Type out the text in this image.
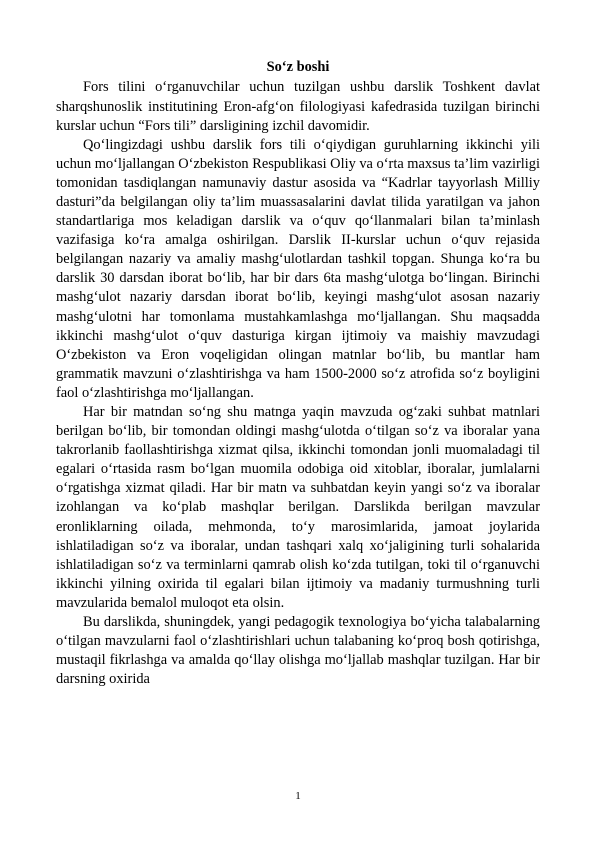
So‘z boshi

Fors tilini o‘rganuvchilar uchun tuzilgan ushbu darslik Toshkent davlat sharqshunoslik institutining Eron-afg‘on filologiyasi kafedrasida tuzilgan birinchi kurslar uchun “Fors tili” darsligining izchil davomidir.

Qo‘lingizdagi ushbu darslik fors tili o‘qiydigan guruhlarning ikkinchi yili uchun mo‘ljallangan O‘zbekiston Respublikasi Oliy va o‘rta maxsus ta’lim vazirligi tomonidan tasdiqlangan namunaviy dastur asosida va “Kadrlar tayyorlash Milliy dasturi”da belgilangan oliy ta’lim muassasalarini davlat tilida yaratilgan va jahon standartlariga mos keladigan darslik va o‘quv qo‘llanmalari bilan ta’minlash vazifasiga ko‘ra amalga oshirilgan. Darslik II-kurslar uchun o‘quv rejasida belgilangan nazariy va amaliy mashg‘ulotlardan tashkil topgan. Shunga ko‘ra bu darslik 30 darsdan iborat bo‘lib, har bir dars 6ta mashg‘ulotga bo‘lingan. Birinchi mashg‘ulot nazariy darsdan iborat bo‘lib, keyingi mashg‘ulot asosan nazariy mashg‘ulotni har tomonlama mustahkamlashga mo‘ljallangan. Shu maqsadda ikkinchi mashg‘ulot o‘quv dasturiga kirgan ijtimoiy va maishiy mavzudagi O‘zbekiston va Eron voqeligidan olingan matnlar bo‘lib, bu mantlar ham grammatik mavzuni o‘zlashtirishga va ham 1500-2000 so‘z atrofida so‘z boyligini faol o‘zlashtirishga mo‘ljallangan.

Har bir matndan so‘ng shu matnga yaqin mavzuda og‘zaki suhbat matnlari berilgan bo‘lib, bir tomondan oldingi mashg‘ulotda o‘tilgan so‘z va iboralar yana takrorlanib faollashtirishga xizmat qilsa, ikkinchi tomondan jonli muomaladagi til egalari o‘rtasida rasm bo‘lgan muomila odobiga oid xitoblar, iboralar, jumlalarni o‘rgatishga xizmat qiladi. Har bir matn va suhbatdan keyin yangi so‘z va iboralar izohlangan va ko‘plab mashqlar berilgan. Darslikda berilgan mavzular eronliklarning oilada, mehmonda, to‘y marosimlarida, jamoat joylarida ishlatiladigan so‘z va iboralar, undan tashqari xalq xo‘jaligining turli sohalarida ishlatiladigan so‘z va terminlarni qamrab olish ko‘zda tutilgan, toki til o‘rganuvchi ikkinchi yilning oxirida til egalari bilan ijtimoiy va madaniy turmushning turli mavzularida bemalol muloqot eta olsin.

Bu darslikda, shuningdek, yangi pedagogik texnologiya bo‘yicha talabalarning o‘tilgan mavzularni faol o‘zlashtirishlari uchun talabaning ko‘proq bosh qotirishga, mustaqil fikrlashga va amalda qo‘llay olishga mo‘ljallab mashqlar tuzilgan. Har bir darsning oxirida

1
